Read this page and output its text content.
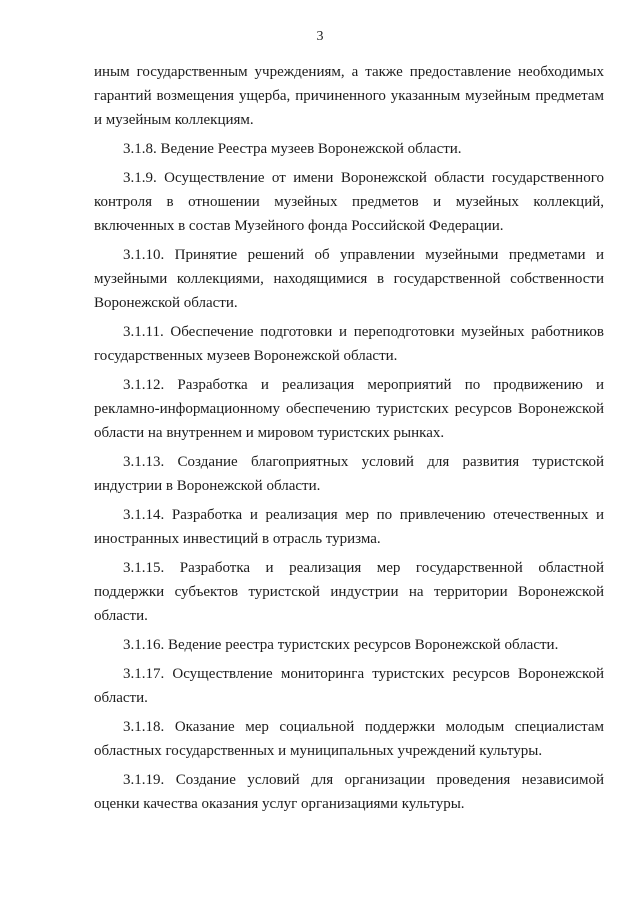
3

иным государственным учреждениям, а также предоставление необходимых гарантий возмещения ущерба, причиненного указанным музейным предметам и музейным коллекциям.

3.1.8. Ведение Реестра музеев Воронежской области.

3.1.9. Осуществление от имени Воронежской области государственного контроля в отношении музейных предметов и музейных коллекций, включенных в состав Музейного фонда Российской Федерации.

3.1.10. Принятие решений об управлении музейными предметами и музейными коллекциями, находящимися в государственной собственности Воронежской области.

3.1.11. Обеспечение подготовки и переподготовки музейных работников государственных музеев Воронежской области.

3.1.12. Разработка и реализация мероприятий по продвижению и рекламно-информационному обеспечению туристских ресурсов Воронежской области на внутреннем и мировом туристских рынках.

3.1.13. Создание благоприятных условий для развития туристской индустрии в Воронежской области.

3.1.14. Разработка и реализация мер по привлечению отечественных и иностранных инвестиций в отрасль туризма.

3.1.15. Разработка и реализация мер государственной областной поддержки субъектов туристской индустрии на территории Воронежской области.

3.1.16. Ведение реестра туристских ресурсов Воронежской области.

3.1.17. Осуществление мониторинга туристских ресурсов Воронежской области.

3.1.18. Оказание мер социальной поддержки молодым специалистам областных государственных и муниципальных учреждений культуры.

3.1.19. Создание условий для организации проведения независимой оценки качества оказания услуг организациями культуры.
